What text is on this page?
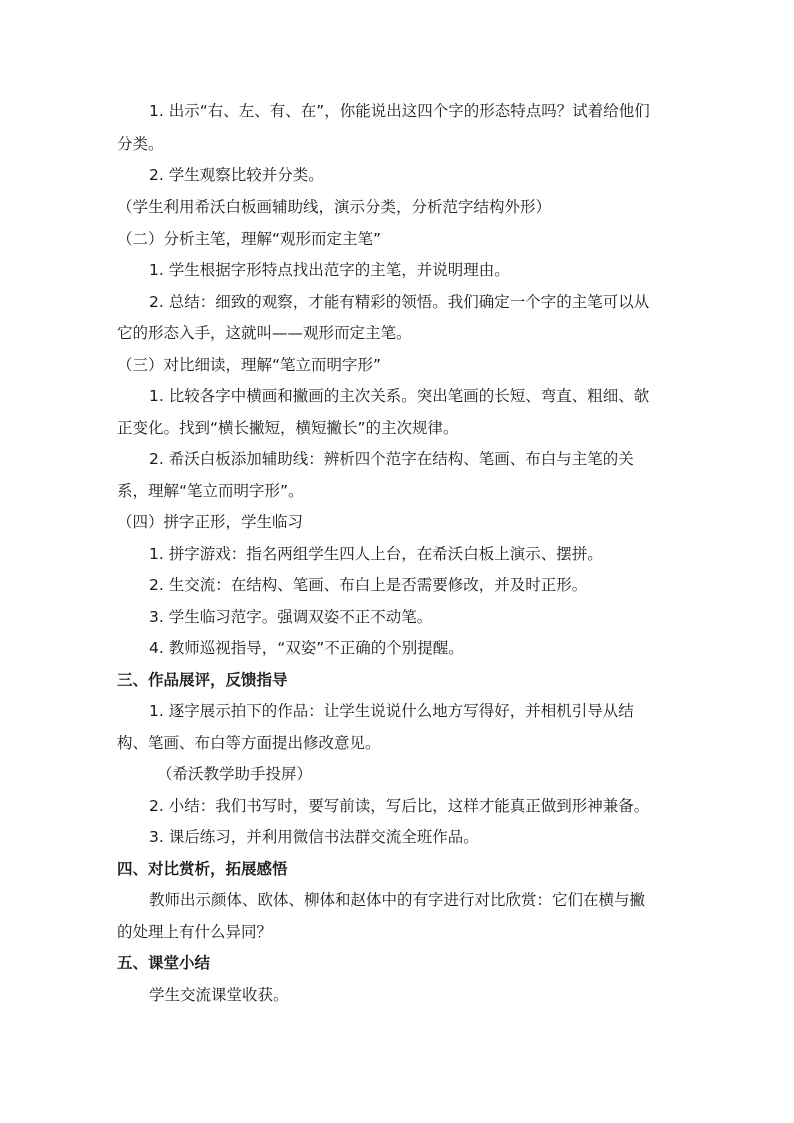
1. 出示“右、左、有、在”，你能说出这四个字的形态特点吗？试着给他们
分类。
2. 学生观察比较并分类。
（学生利用希沃白板画辅助线，演示分类，分析范字结构外形）
（二）分析主笔，理解“观形而定主笔”
1. 学生根据字形特点找出范字的主笔，并说明理由。
2. 总结：细致的观察，才能有精彩的领悟。我们确定一个字的主笔可以从
它的形态入手，这就叫——观形而定主笔。
（三）对比细读，理解“笔立而明字形”
1. 比较各字中横画和撇画的主次关系。突出笔画的长短、弯直、粗细、欹
正变化。找到“横长撇短，横短撇长”的主次规律。
2. 希沃白板添加辅助线：辨析四个范字在结构、笔画、布白与主笔的关
系，理解“笔立而明字形”。
（四）拼字正形，学生临习
1. 拼字游戏：指名两组学生四人上台，在希沃白板上演示、摆拼。
2. 生交流：在结构、笔画、布白上是否需要修改，并及时正形。
3. 学生临习范字。强调双姿不正不动笔。
4. 教师巡视指导，“双姿”不正确的个别提醒。
三、作品展评，反馈指导
1. 逐字展示拍下的作品：让学生说说什么地方写得好，并相机引导从结
构、笔画、布白等方面提出修改意见。
（希沃教学助手投屏）
2. 小结：我们书写时，要写前读，写后比，这样才能真正做到形神兼备。
3. 课后练习，并利用微信书法群交流全班作品。
四、对比赏析，拓展感悟
教师出示颜体、欧体、柳体和赵体中的有字进行对比欣赏：它们在横与撇
的处理上有什么异同？
五、课堂小结
学生交流课堂收获。
